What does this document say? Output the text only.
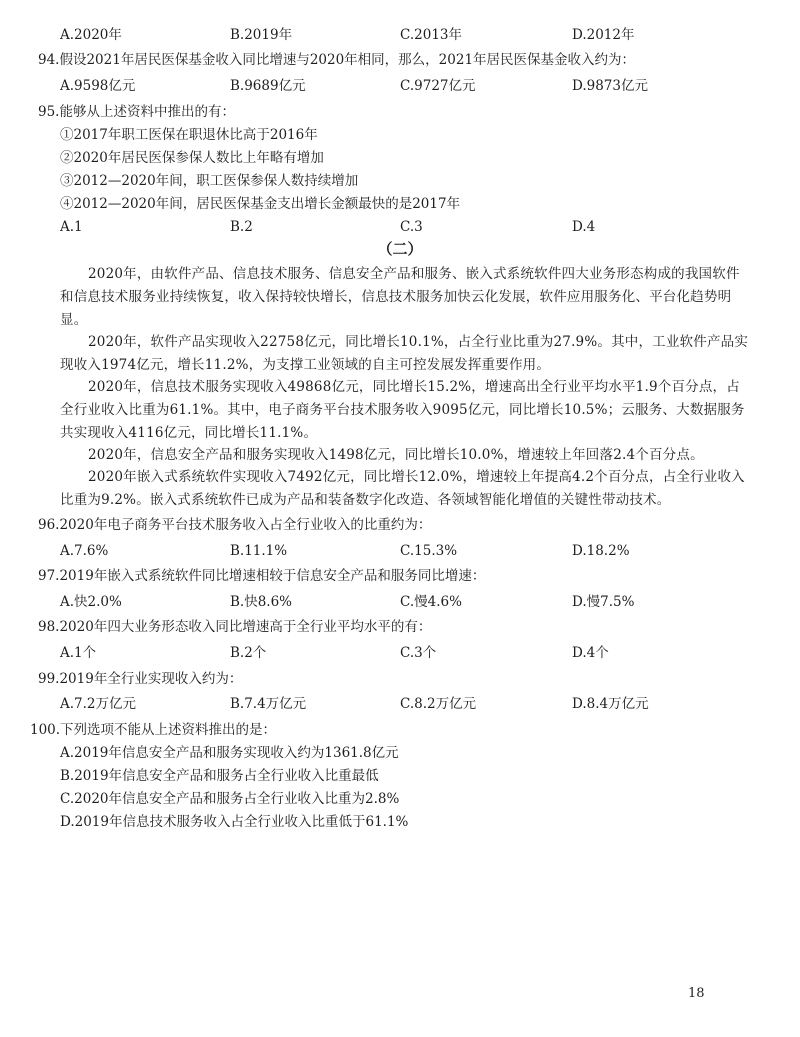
A.2020年	B.2019年	C.2013年	D.2012年
94.假设2021年居民医保基金收入同比增速与2020年相同，那么，2021年居民医保基金收入约为：
A.9598亿元	B.9689亿元	C.9727亿元	D.9873亿元
95.能够从上述资料中推出的有：
①2017年职工医保在职退休比高于2016年
②2020年居民医保参保人数比上年略有增加
③2012—2020年间，职工医保参保人数持续增加
④2012—2020年间，居民医保基金支出增长金额最快的是2017年
A.1	B.2	C.3	D.4
（二）
2020年，由软件产品、信息技术服务、信息安全产品和服务、嵌入式系统软件四大业务形态构成的我国软件和信息技术服务业持续恢复，收入保持较快增长，信息技术服务加快云化发展，软件应用服务化、平台化趋势明显。
2020年，软件产品实现收入22758亿元，同比增长10.1%，占全行业比重为27.9%。其中，工业软件产品实现收入1974亿元，增长11.2%，为支撑工业领域的自主可控发展发挥重要作用。
2020年，信息技术服务实现收入49868亿元，同比增长15.2%，增速高出全行业平均水平1.9个百分点，占全行业收入比重为61.1%。其中，电子商务平台技术服务收入9095亿元，同比增长10.5%；云服务、大数据服务共实现收入4116亿元，同比增长11.1%。
2020年，信息安全产品和服务实现收入1498亿元，同比增长10.0%，增速较上年回落2.4个百分点。
2020年嵌入式系统软件实现收入7492亿元，同比增长12.0%，增速较上年提高4.2个百分点，占全行业收入比重为9.2%。嵌入式系统软件已成为产品和装备数字化改造、各领域智能化增值的关键性带动技术。
96.2020年电子商务平台技术服务收入占全行业收入的比重约为：
A.7.6%	B.11.1%	C.15.3%	D.18.2%
97.2019年嵌入式系统软件同比增速相较于信息安全产品和服务同比增速：
A.快2.0%	B.快8.6%	C.慢4.6%	D.慢7.5%
98.2020年四大业务形态收入同比增速高于全行业平均水平的有：
A.1个	B.2个	C.3个	D.4个
99.2019年全行业实现收入约为：
A.7.2万亿元	B.7.4万亿元	C.8.2万亿元	D.8.4万亿元
100.下列选项不能从上述资料推出的是：
A.2019年信息安全产品和服务实现收入约为1361.8亿元
B.2019年信息安全产品和服务占全行业收入比重最低
C.2020年信息安全产品和服务占全行业收入比重为2.8%
D.2019年信息技术服务收入占全行业收入比重低于61.1%
18
